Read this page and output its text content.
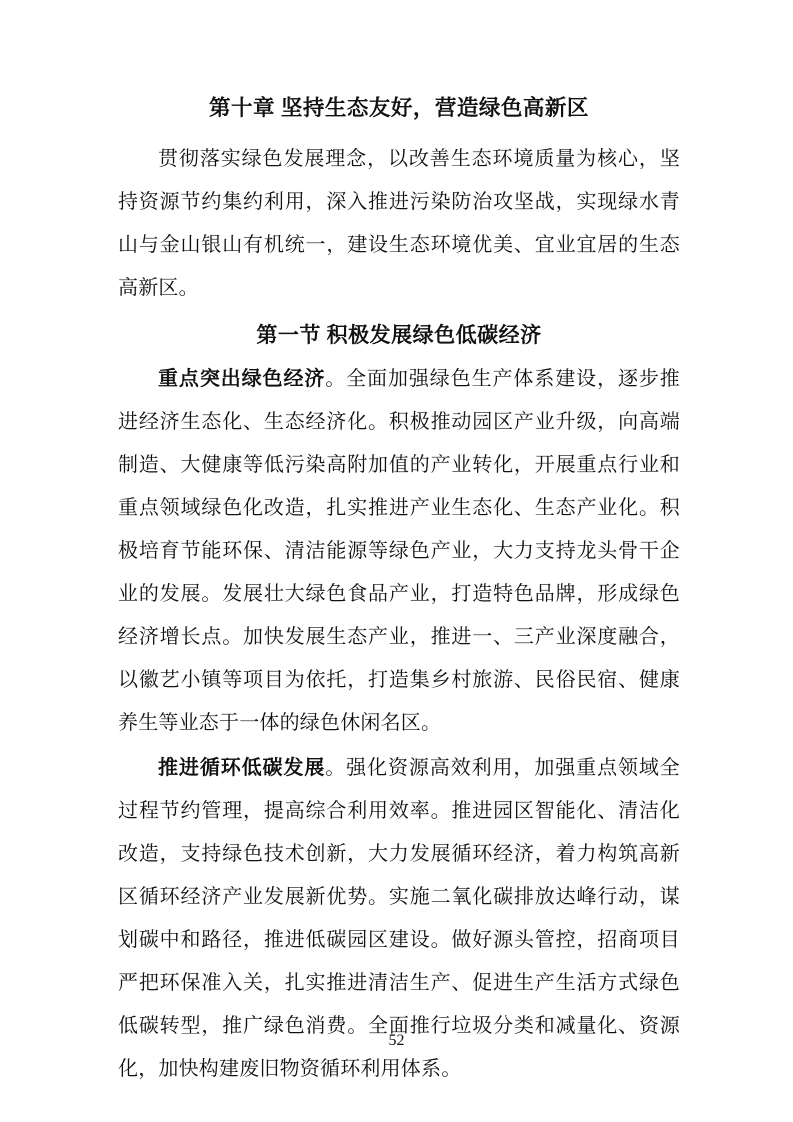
第十章 坚持生态友好，营造绿色高新区

贯彻落实绿色发展理念，以改善生态环境质量为核心，坚持资源节约集约利用，深入推进污染防治攻坚战，实现绿水青山与金山银山有机统一，建设生态环境优美、宜业宜居的生态高新区。

第一节 积极发展绿色低碳经济

重点突出绿色经济。全面加强绿色生产体系建设，逐步推进经济生态化、生态经济化。积极推动园区产业升级，向高端制造、大健康等低污染高附加值的产业转化，开展重点行业和重点领域绿色化改造，扎实推进产业生态化、生态产业化。积极培育节能环保、清洁能源等绿色产业，大力支持龙头骨干企业的发展。发展壮大绿色食品产业，打造特色品牌，形成绿色经济增长点。加快发展生态产业，推进一、三产业深度融合，以徽艺小镇等项目为依托，打造集乡村旅游、民俗民宿、健康养生等业态于一体的绿色休闲名区。

推进循环低碳发展。强化资源高效利用，加强重点领域全过程节约管理，提高综合利用效率。推进园区智能化、清洁化改造，支持绿色技术创新，大力发展循环经济，着力构筑高新区循环经济产业发展新优势。实施二氧化碳排放达峰行动，谋划碳中和路径，推进低碳园区建设。做好源头管控，招商项目严把环保准入关，扎实推进清洁生产、促进生产生活方式绿色低碳转型，推广绿色消费。全面推行垃圾分类和减量化、资源化，加快构建废旧物资循环利用体系。

52
